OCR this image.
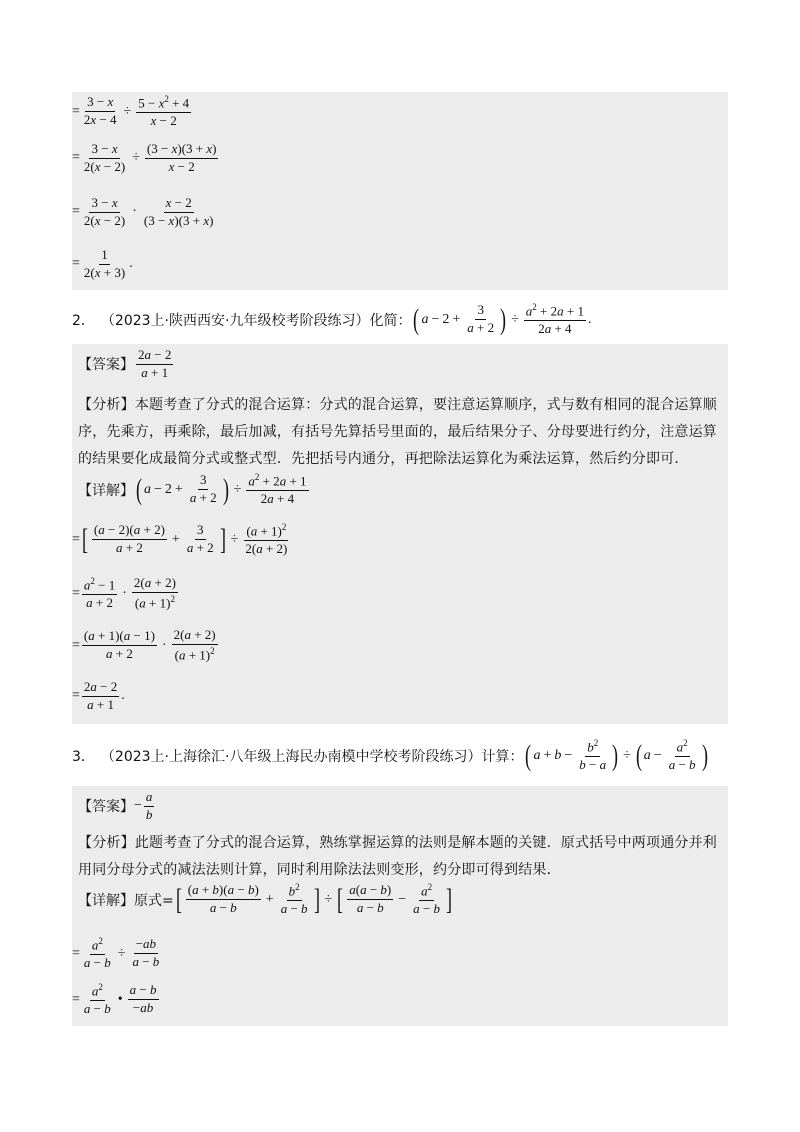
= $\frac{3 - x}{2x - 4} \div \frac{5 - x^2 + 4}{x - 2}$
= $\frac{3 - x}{2(x - 2)} \div \frac{(3 - x)(3 + x)}{x - 2}$
= $\frac{3 - x}{2(x - 2)} \cdot \frac{x - 2}{(3 - x)(3 + x)}$
= $\frac{1}{2(x + 3)}$ .
2． （2023上·陕西西安·九年级校考阶段练习） 化简： ( $a - 2 + \frac{3}{a + 2}$ ) ÷ $\frac{a^2 + 2a + 1}{2a + 4}$ .
【答案】 $\frac{2a - 2}{a + 1}$
【分析】本题考查了分式的混合运算：分式的混合运算，要注意运算顺序，式与数有相同的混合运算顺序，先乘方，再乘除，最后加减，有括号先算括号里面的，最后结果分子、分母要进行约分，注意运算的结果要化成最简分式或整式型．先把括号内通分，再把除法运算化为乘法运算，然后约分即可．
【详解】 ( $a - 2 + \frac{3}{a + 2}$ ) ÷ $\frac{a^2 + 2a + 1}{2a + 4}$
= [ $\frac{(a - 2)(a + 2)}{a + 2} + \frac{3}{a + 2}$ ] ÷ $\frac{(a + 1)^2}{2(a + 2)}$
= $\frac{a^2 - 1}{a + 2} \cdot \frac{2(a + 2)}{(a + 1)^2}$
= $\frac{(a + 1)(a - 1)}{a + 2} \cdot \frac{2(a + 2)}{(a + 1)^2}$
= $\frac{2a - 2}{a + 1}$ .
3． （2023上·上海徐汇·八年级上海民办南模中学校考阶段练习） 计算： ( $a + b - \frac{b^2}{b - a}$ ) ÷ ( $a - \frac{a^2}{a - b}$ )
【答案】 − $\frac{a}{b}$
【分析】此题考查了分式的混合运算，熟练掌握运算的法则是解本题的关键．原式括号中两项通分并利用同分母分式的减法法则计算，同时利用除法法则变形，约分即可得到结果．
【详解】 原式= [ $\frac{(a + b)(a - b)}{a - b} + \frac{b^2}{a - b}$ ] ÷ [ $\frac{a(a - b)}{a - b} - \frac{a^2}{a - b}$ ]
= $\frac{a^2}{a - b} \div \frac{-ab}{a - b}$
= $\frac{a^2}{a - b}$ • $\frac{a - b}{-ab}$
